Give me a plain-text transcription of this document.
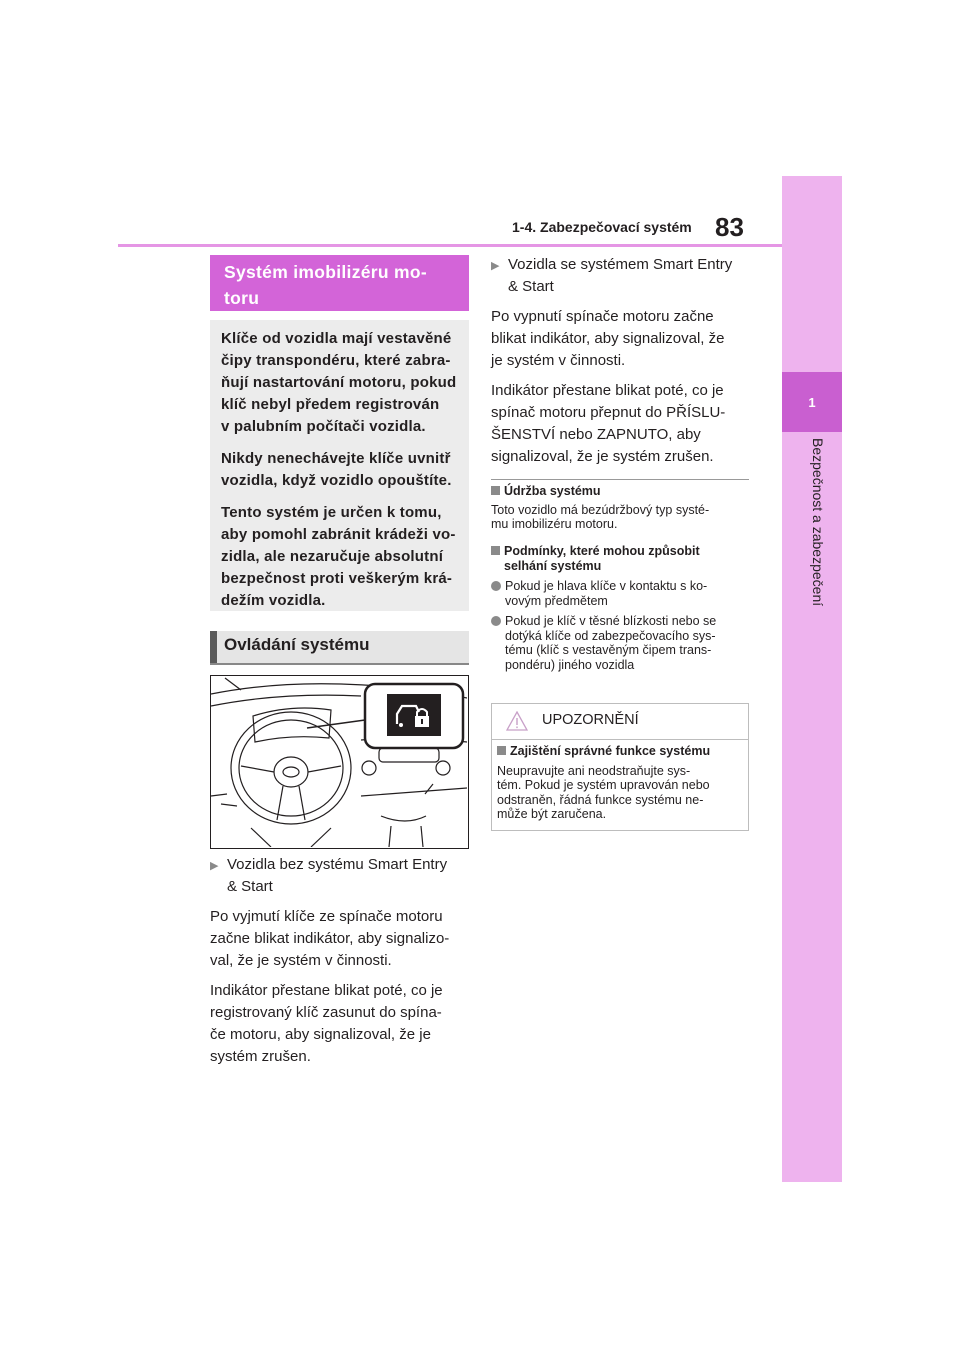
1-4. Zabezpečovací systém 83
1
Bezpečnost a zabezpečení
Systém imobilizéru mo-
toru

Klíče od vozidla mají vestavěné
čipy transpondéru, které zabra-
ňují nastartování motoru, pokud
klíč nebyl předem registrován
v palubním počítači vozidla.

Nikdy nenechávejte klíče uvnitř
vozidla, když vozidlo opouštíte.

Tento systém je určen k tomu,
aby pomohl zabránit krádeži vo-
zidla, ale nezaručuje absolutní
bezpečnost proti veškerým krá-
dežím vozidla.

Ovládání systému
▶ Vozidla bez systému Smart Entry
& Start
Po vyjmutí klíče ze spínače motoru
začne blikat indikátor, aby signalizo-
val, že je systém v činnosti.
Indikátor přestane blikat poté, co je
registrovaný klíč zasunut do spína-
če motoru, aby signalizoval, že je
systém zrušen.
▶ Vozidla se systémem Smart Entry
& Start
Po vypnutí spínače motoru začne
blikat indikátor, aby signalizoval, že
je systém v činnosti.
Indikátor přestane blikat poté, co je
spínač motoru přepnut do PŘÍSLU-
ŠENSTVÍ nebo ZAPNUTO, aby
signalizoval, že je systém zrušen.
Údržba systému
Toto vozidlo má bezúdržbový typ systé-
mu imobilizéru motoru.
Podmínky, které mohou způsobit
selhání systému
Pokud je hlava klíče v kontaktu s ko-
vovým předmětem
Pokud je klíč v těsné blízkosti nebo se
dotýká klíče od zabezpečovacího sys-
tému (klíč s vestavěným čipem trans-
pondéru) jiného vozidla
UPOZORNĚNÍ
Zajištění správné funkce systému
Neupravujte ani neodstraňujte sys-
tém. Pokud je systém upravován nebo
odstraněn, řádná funkce systému ne-
může být zaručena.
